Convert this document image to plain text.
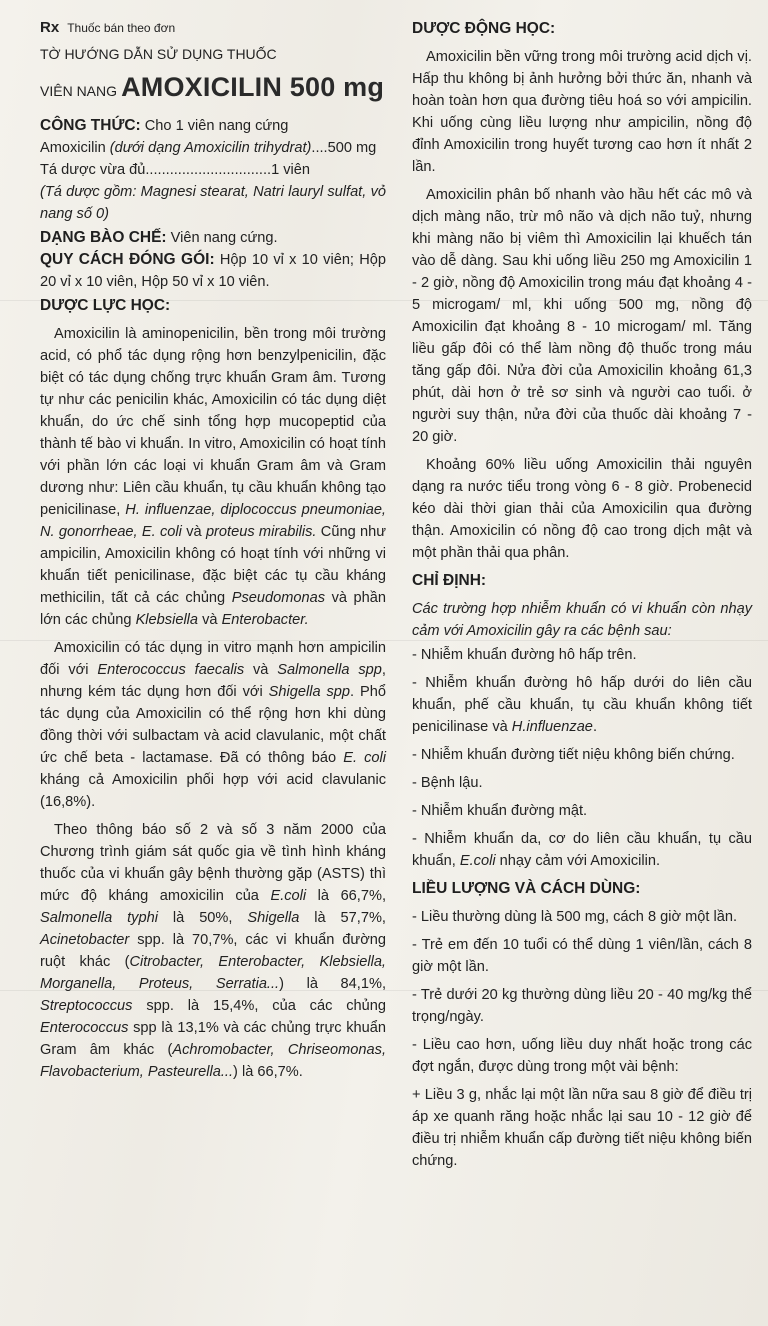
Rx Thuốc bán theo đơn

TỜ HƯỚNG DẪN SỬ DỤNG THUỐC

VIÊN NANG AMOXICILIN 500 mg

CÔNG THỨC: Cho 1 viên nang cứng

Amoxicilin (dưới dạng Amoxicilin trihydrat)....500 mg

Tá dược vừa đủ...............................1 viên

(Tá dược gồm: Magnesi stearat, Natri lauryl sulfat, vỏ nang số 0)

DẠNG BÀO CHẾ: Viên nang cứng.

QUY CÁCH ĐÓNG GÓI: Hộp 10 vỉ x 10 viên; Hộp 20 vỉ x 10 viên, Hộp 50 vỉ x 10 viên.

DƯỢC LỰC HỌC:

Amoxicilin là aminopenicilin, bền trong môi trường acid, có phổ tác dụng rộng hơn benzylpenicilin, đặc biệt có tác dụng chống trực khuẩn Gram âm. Tương tự như các penicilin khác, Amoxicilin có tác dụng diệt khuẩn, do ức chế sinh tổng hợp mucopeptid của thành tế bào vi khuẩn. In vitro, Amoxicilin có hoạt tính với phần lớn các loại vi khuẩn Gram âm và Gram dương như: Liên cầu khuẩn, tụ cầu khuẩn không tạo penicilinase, H. influenzae, diplococcus pneumoniae, N. gonorrheae, E. coli và proteus mirabilis. Cũng như ampicilin, Amoxicilin không có hoạt tính với những vi khuẩn tiết penicilinase, đặc biệt các tụ cầu kháng methicilin, tất cả các chủng Pseudomonas và phần lớn các chủng Klebsiella và Enterobacter.

Amoxicilin có tác dụng in vitro mạnh hơn ampicilin đối với Enterococcus faecalis và Salmonella spp, nhưng kém tác dụng hơn đối với Shigella spp. Phổ tác dụng của Amoxicilin có thể rộng hơn khi dùng đồng thời với sulbactam và acid clavulanic, một chất ức chế beta - lactamase. Đã có thông báo E. coli kháng cả Amoxicilin phối hợp với acid clavulanic (16,8%).

Theo thông báo số 2 và số 3 năm 2000 của Chương trình giám sát quốc gia về tình hình kháng thuốc của vi khuẩn gây bệnh thường gặp (ASTS) thì mức độ kháng amoxicilin của E.coli là 66,7%, Salmonella typhi là 50%, Shigella là 57,7%, Acinetobacter spp. là 70,7%, các vi khuẩn đường ruột khác (Citrobacter, Enterobacter, Klebsiella, Morganella, Proteus, Serratia...) là 84,1%, Streptococcus spp. là 15,4%, của các chủng Enterococcus spp là 13,1% và các chủng trực khuẩn Gram âm khác (Achromobacter, Chriseomonas, Flavobacterium, Pasteurella...) là 66,7%.

DƯỢC ĐỘNG HỌC:

Amoxicilin bền vững trong môi trường acid dịch vị. Hấp thu không bị ảnh hưởng bởi thức ăn, nhanh và hoàn toàn hơn qua đường tiêu hoá so với ampicilin. Khi uống cùng liều lượng như ampicilin, nồng độ đỉnh Amoxicilin trong huyết tương cao hơn ít nhất 2 lần.

Amoxicilin phân bố nhanh vào hầu hết các mô và dịch màng não, trừ mô não và dịch não tuỷ, nhưng khi màng não bị viêm thì Amoxicilin lại khuếch tán vào dễ dàng. Sau khi uống liều 250 mg Amoxicilin 1 - 2 giờ, nồng độ Amoxicilin trong máu đạt khoảng 4 - 5 microgam/ ml, khi uống 500 mg, nồng độ Amoxicilin đạt khoảng 8 - 10 microgam/ ml. Tăng liều gấp đôi có thể làm nồng độ thuốc trong máu tăng gấp đôi. Nửa đời của Amoxicilin khoảng 61,3 phút, dài hơn ở trẻ sơ sinh và người cao tuổi. ở người suy thận, nửa đời của thuốc dài khoảng 7 - 20 giờ.

Khoảng 60% liều uống Amoxicilin thải nguyên dạng ra nước tiểu trong vòng 6 - 8 giờ. Probenecid kéo dài thời gian thải của Amoxicilin qua đường thận. Amoxicilin có nồng độ cao trong dịch mật và một phần thải qua phân.

CHỈ ĐỊNH:

Các trường hợp nhiễm khuẩn có vi khuẩn còn nhạy cảm với Amoxicilin gây ra các bệnh sau:

- Nhiễm khuẩn đường hô hấp trên.

- Nhiễm khuẩn đường hô hấp dưới do liên cầu khuẩn, phế cầu khuẩn, tụ cầu khuẩn không tiết penicilinase và H.influenzae.

- Nhiễm khuẩn đường tiết niệu không biến chứng.

- Bệnh lậu.

- Nhiễm khuẩn đường mật.

- Nhiễm khuẩn da, cơ do liên cầu khuẩn, tụ cầu khuẩn, E.coli nhạy cảm với Amoxicilin.

LIỀU LƯỢNG VÀ CÁCH DÙNG:

- Liều thường dùng là 500 mg, cách 8 giờ một lần.

- Trẻ em đến 10 tuổi có thể dùng 1 viên/lần, cách 8 giờ một lần.

- Trẻ dưới 20 kg thường dùng liều 20 - 40 mg/kg thể trọng/ngày.

- Liều cao hơn, uống liều duy nhất hoặc trong các đợt ngắn, được dùng trong một vài bệnh:

+ Liều 3 g, nhắc lại một lần nữa sau 8 giờ để điều trị áp xe quanh răng hoặc nhắc lại sau 10 - 12 giờ để điều trị nhiễm khuẩn cấp đường tiết niệu không biến chứng.
